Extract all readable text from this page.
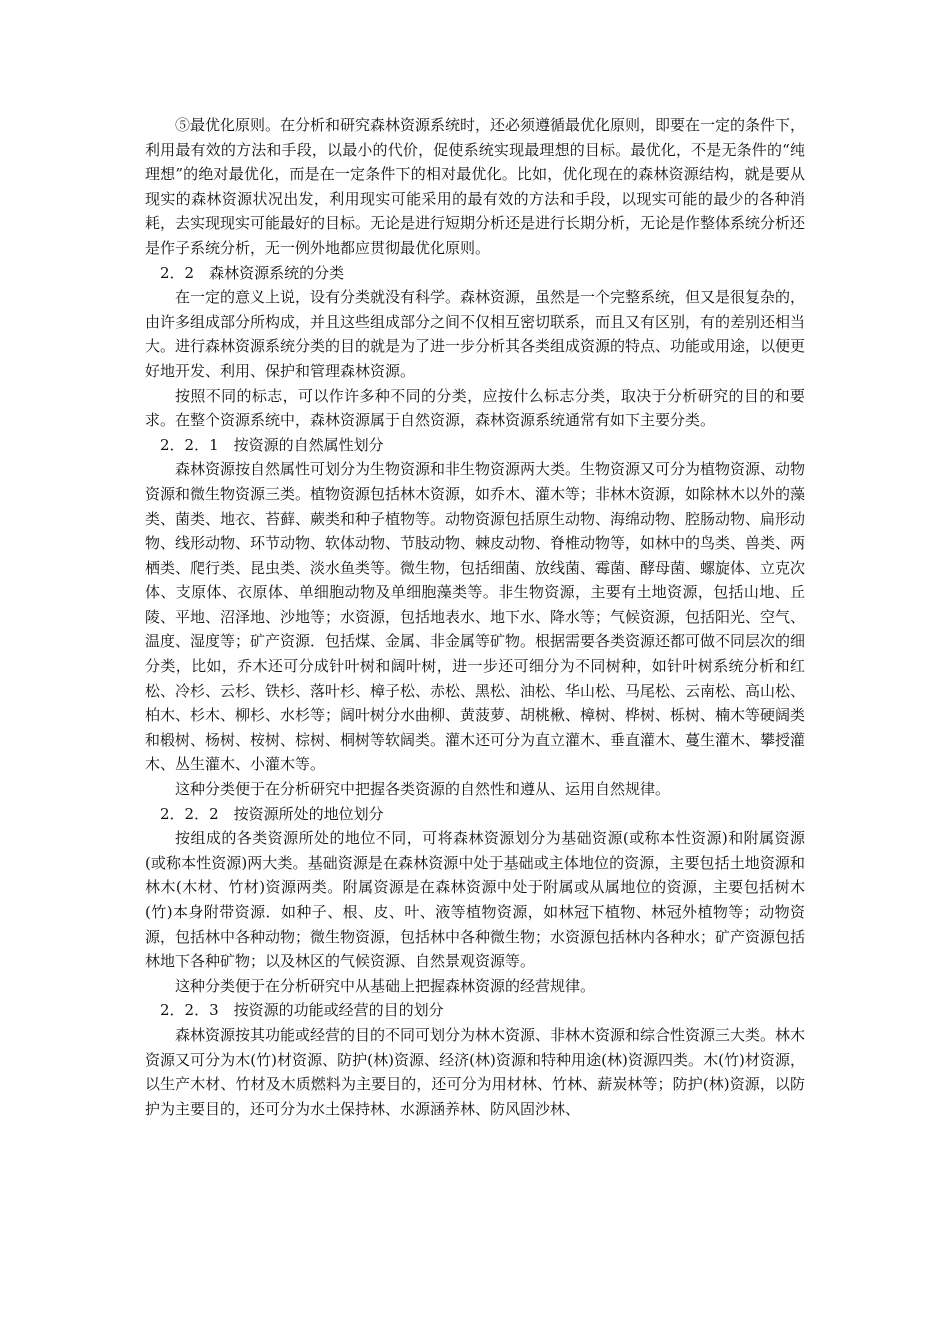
⑤最优化原则。在分析和研究森林资源系统时，还必须遵循最优化原则，即要在一定的条件下，利用最有效的方法和手段，以最小的代价，促使系统实现最理想的目标。最优化，不是无条件的“纯理想”的绝对最优化，而是在一定条件下的相对最优化。比如，优化现在的森林资源结构，就是要从现实的森林资源状况出发，利用现实可能采用的最有效的方法和手段，以现实可能的最少的各种消耗，去实现现实可能最好的目标。无论是进行短期分析还是进行长期分析，无论是作整体系统分析还是作子系统分析，无一例外地都应贯彻最优化原则。

2．2　森林资源系统的分类

在一定的意义上说，设有分类就没有科学。森林资源，虽然是一个完整系统，但又是很复杂的，由许多组成部分所构成，并且这些组成部分之间不仅相互密切联系，而且又有区别，有的差别还相当大。进行森林资源系统分类的目的就是为了进一步分析其各类组成资源的特点、功能或用途，以便更好地开发、利用、保护和管理森林资源。

按照不同的标志，可以作许多种不同的分类，应按什么标志分类，取决于分析研究的目的和要求。在整个资源系统中，森林资源属于自然资源，森林资源系统通常有如下主要分类。

2．2．1　按资源的自然属性划分

森林资源按自然属性可划分为生物资源和非生物资源两大类。生物资源又可分为植物资源、动物资源和微生物资源三类。植物资源包括林木资源，如乔木、灌木等；非林木资源，如除林木以外的藻类、菌类、地衣、苔藓、蕨类和种子植物等。动物资源包括原生动物、海绵动物、腔肠动物、扁形动物、线形动物、环节动物、软体动物、节肢动物、棘皮动物、脊椎动物等，如林中的鸟类、兽类、两栖类、爬行类、昆虫类、淡水鱼类等。微生物，包括细菌、放线菌、霉菌、酵母菌、螺旋体、立克次体、支原体、衣原体、单细胞动物及单细胞藻类等。非生物资源，主要有土地资源，包括山地、丘陵、平地、沼泽地、沙地等；水资源，包括地表水、地下水、降水等；气候资源，包括阳光、空气、温度、湿度等；矿产资源．包括煤、金属、非金属等矿物。根据需要各类资源还都可做不同层次的细分类，比如，乔木还可分成针叶树和阔叶树，进一步还可细分为不同树种，如针叶树系统分析和红松、冷杉、云杉、铁杉、落叶杉、樟子松、赤松、黑松、油松、华山松、马尾松、云南松、高山松、柏木、杉木、柳杉、水杉等；阔叶树分水曲柳、黄菠萝、胡桃楸、樟树、桦树、栎树、楠木等硬阔类和椴树、杨树、桉树、棕树、桐树等软阔类。灌木还可分为直立灌木、垂直灌木、蔓生灌木、攀授灌木、丛生灌木、小灌木等。

这种分类便于在分析研究中把握各类资源的自然性和遵从、运用自然规律。

2．2．2　按资源所处的地位划分

按组成的各类资源所处的地位不同，可将森林资源划分为基础资源(或称本性资源)和附属资源(或称本性资源)两大类。基础资源是在森林资源中处于基础或主体地位的资源，主要包括土地资源和林木(木材、竹材)资源两类。附属资源是在森林资源中处于附属或从属地位的资源，主要包括树木(竹)本身附带资源．如种子、根、皮、叶、液等植物资源，如林冠下植物、林冠外植物等；动物资源，包括林中各种动物；微生物资源，包括林中各种微生物；水资源包括林内各种水；矿产资源包括林地下各种矿物；以及林区的气候资源、自然景观资源等。

这种分类便于在分析研究中从基础上把握森林资源的经营规律。

2．2．3　按资源的功能或经营的目的划分

森林资源按其功能或经营的目的不同可划分为林木资源、非林木资源和综合性资源三大类。林木资源又可分为木(竹)材资源、防护(林)资源、经济(林)资源和特种用途(林)资源四类。木(竹)材资源，以生产木材、竹材及木质燃料为主要目的，还可分为用材林、竹林、薪炭林等；防护(林)资源，以防　护为主要目的，还可分为水土保持林、水源涵养林、防风固沙林、
